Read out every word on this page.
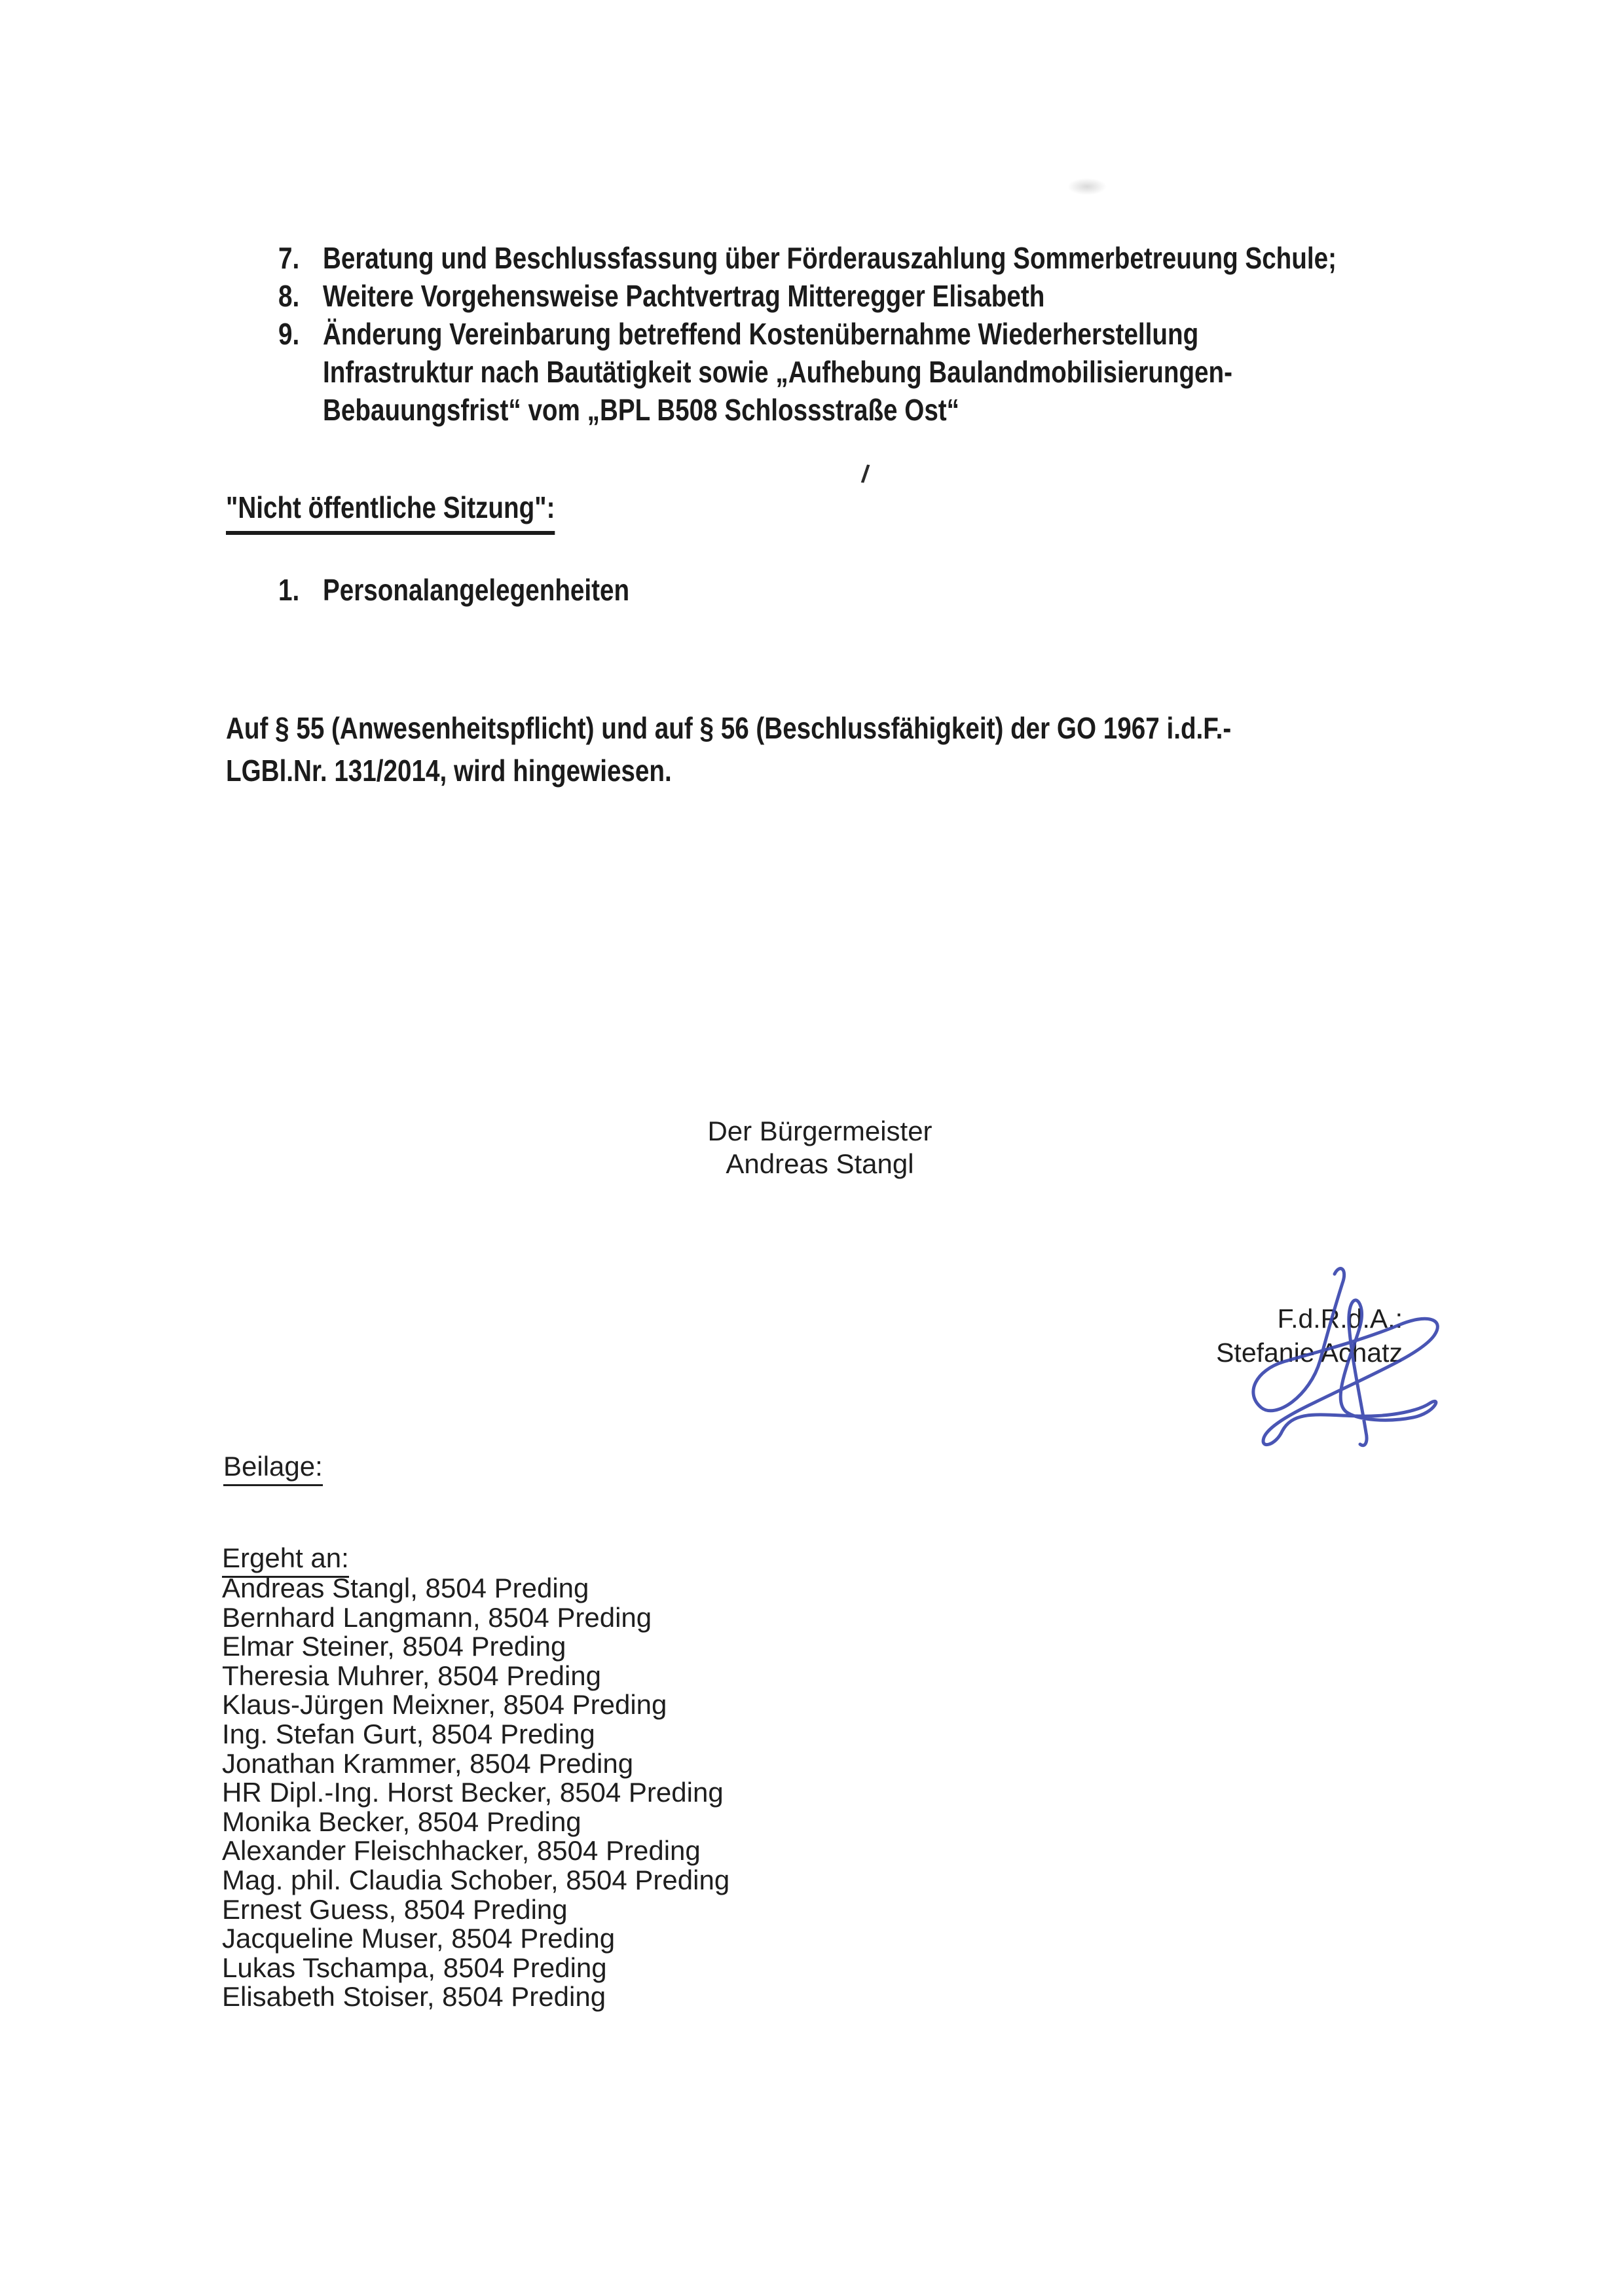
7. Beratung und Beschlussfassung über Förderauszahlung Sommerbetreuung Schule;
8. Weitere Vorgehensweise Pachtvertrag Mitteregger Elisabeth
9. Änderung Vereinbarung betreffend Kostenübernahme Wiederherstellung
Infrastruktur nach Bautätigkeit sowie „Aufhebung Baulandmobilisierungen-
Bebauungsfrist“ vom „BPL B508 Schlossstraße Ost“
/
"Nicht öffentliche Sitzung":
1. Personalangelegenheiten
Auf § 55 (Anwesenheitspflicht) und auf § 56 (Beschlussfähigkeit) der GO 1967 i.d.F.-
LGBl.Nr. 131/2014, wird hingewiesen.
Der Bürgermeister
Andreas Stangl
F.d.R.d.A.:
Stefanie Achatz
Beilage:
Ergeht an:
Andreas Stangl, 8504 Preding
Bernhard Langmann, 8504 Preding
Elmar Steiner, 8504 Preding
Theresia Muhrer, 8504 Preding
Klaus-Jürgen Meixner, 8504 Preding
Ing. Stefan Gurt, 8504 Preding
Jonathan Krammer, 8504 Preding
HR Dipl.-Ing. Horst Becker, 8504 Preding
Monika Becker, 8504 Preding
Alexander Fleischhacker, 8504 Preding
Mag. phil. Claudia Schober, 8504 Preding
Ernest Guess, 8504 Preding
Jacqueline Muser, 8504 Preding
Lukas Tschampa, 8504 Preding
Elisabeth Stoiser, 8504 Preding
